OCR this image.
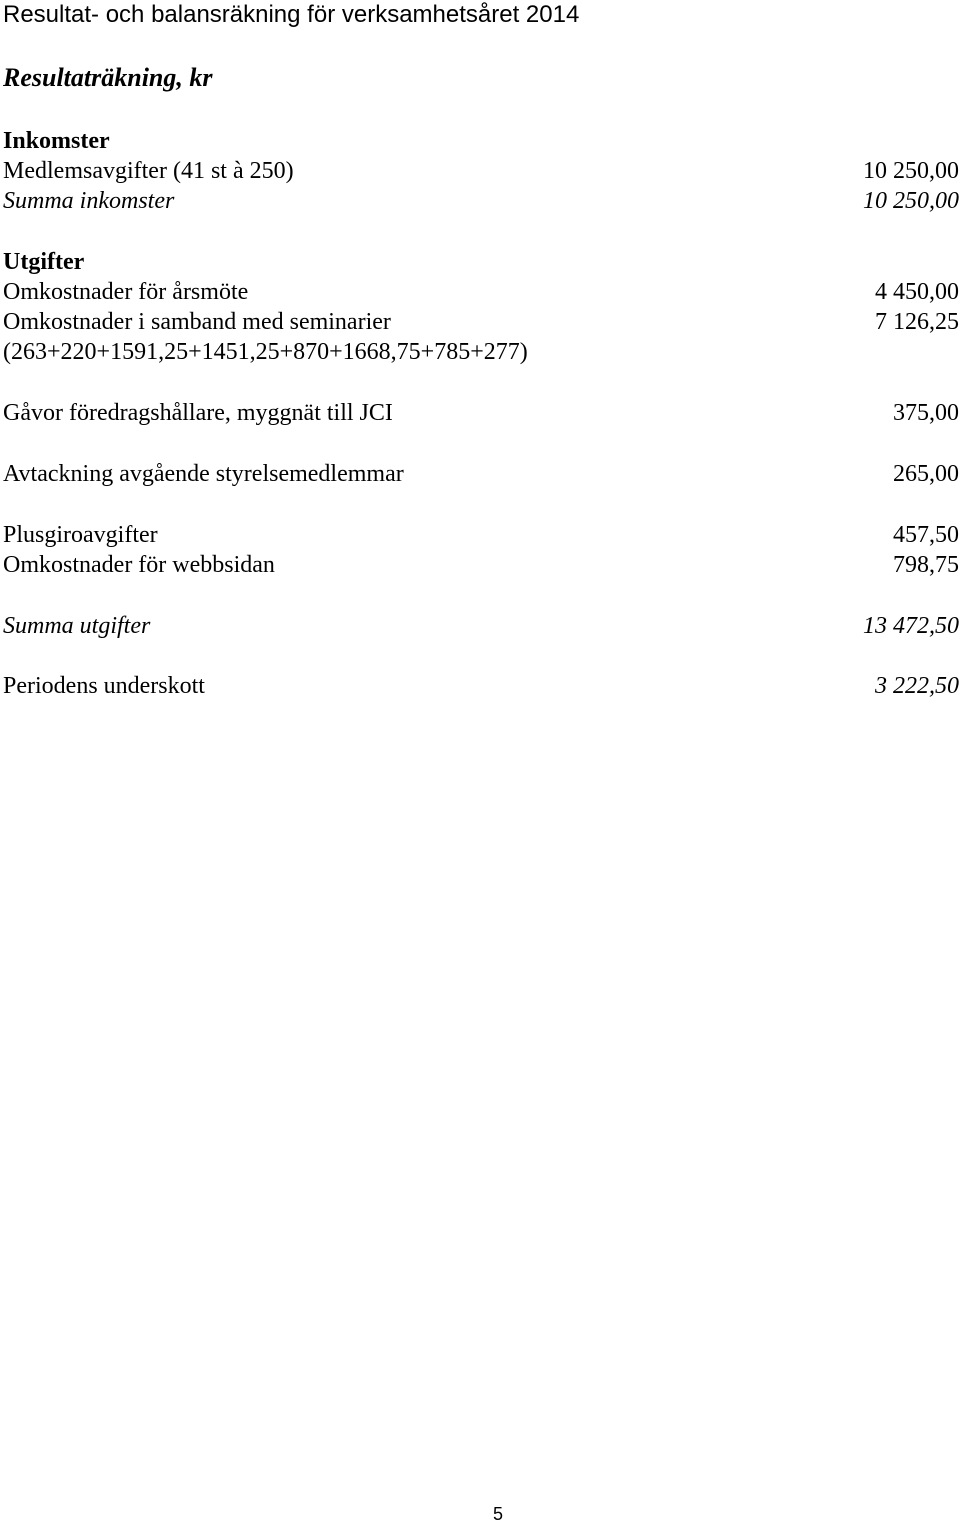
Resultat- och balansräkning för verksamhetsåret 2014
Resultaträkning, kr
Inkomster
Medlemsavgifter (41 st à 250)	10 250,00
Summa inkomster	10 250,00
Utgifter
Omkostnader för årsmöte	4 450,00
Omkostnader i samband med seminarier	7 126,25
(263+220+1591,25+1451,25+870+1668,75+785+277)
Gåvor föredragshållare, myggnät till JCI	375,00
Avtackning avgående styrelsemedlemmar	265,00
Plusgiroavgifter	457,50
Omkostnader för webbsidan	798,75
Summa utgifter	13 472,50
Periodens underskott	3 222,50
5
